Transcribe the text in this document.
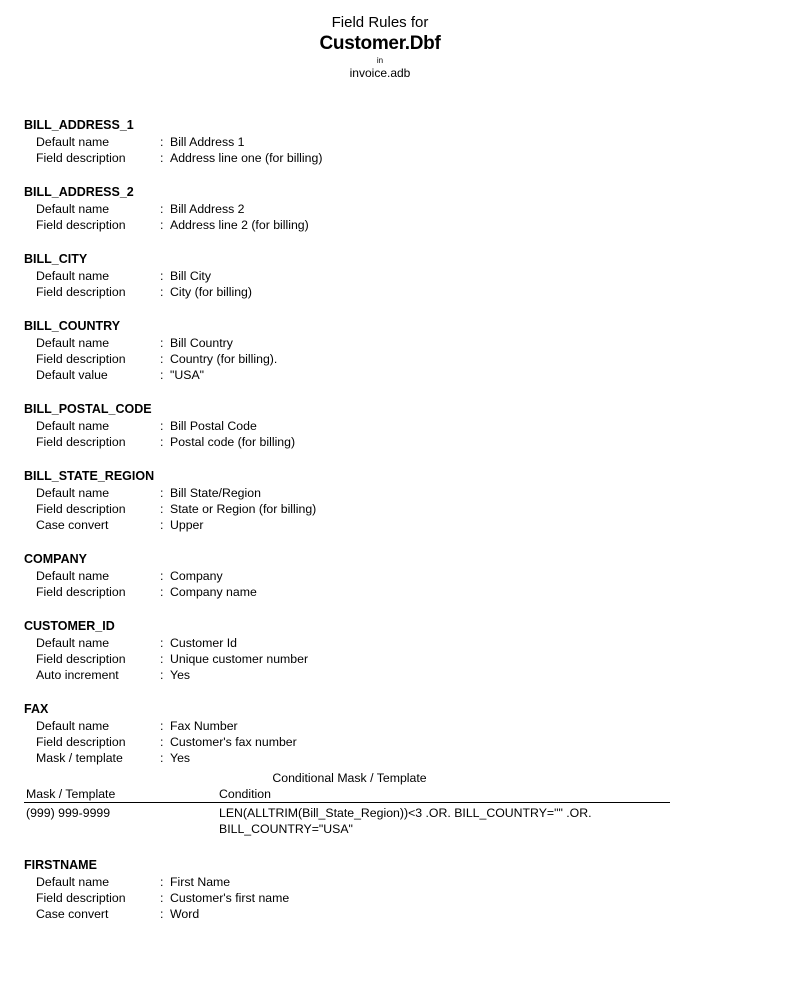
Field Rules for
Customer.Dbf
in
invoice.adb
BILL_ADDRESS_1
Default name	: Bill Address 1
Field description	: Address line one (for billing)
BILL_ADDRESS_2
Default name	: Bill Address 2
Field description	: Address line 2 (for billing)
BILL_CITY
Default name	: Bill City
Field description	: City (for billing)
BILL_COUNTRY
Default name	: Bill Country
Field description	: Country (for billing).
Default value	: "USA"
BILL_POSTAL_CODE
Default name	: Bill Postal Code
Field description	: Postal code (for billing)
BILL_STATE_REGION
Default name	: Bill State/Region
Field description	: State or Region (for billing)
Case convert	: Upper
COMPANY
Default name	: Company
Field description	: Company name
CUSTOMER_ID
Default name	: Customer Id
Field description	: Unique customer number
Auto increment	: Yes
FAX
Default name	: Fax Number
Field description	: Customer's fax number
Mask / template	: Yes
Conditional Mask / Template
Mask / Template	Condition
(999) 999-9999	LEN(ALLTRIM(Bill_State_Region))<3 .OR. BILL_COUNTRY="" .OR. BILL_COUNTRY="USA"
FIRSTNAME
Default name	: First Name
Field description	: Customer's first name
Case convert	: Word
